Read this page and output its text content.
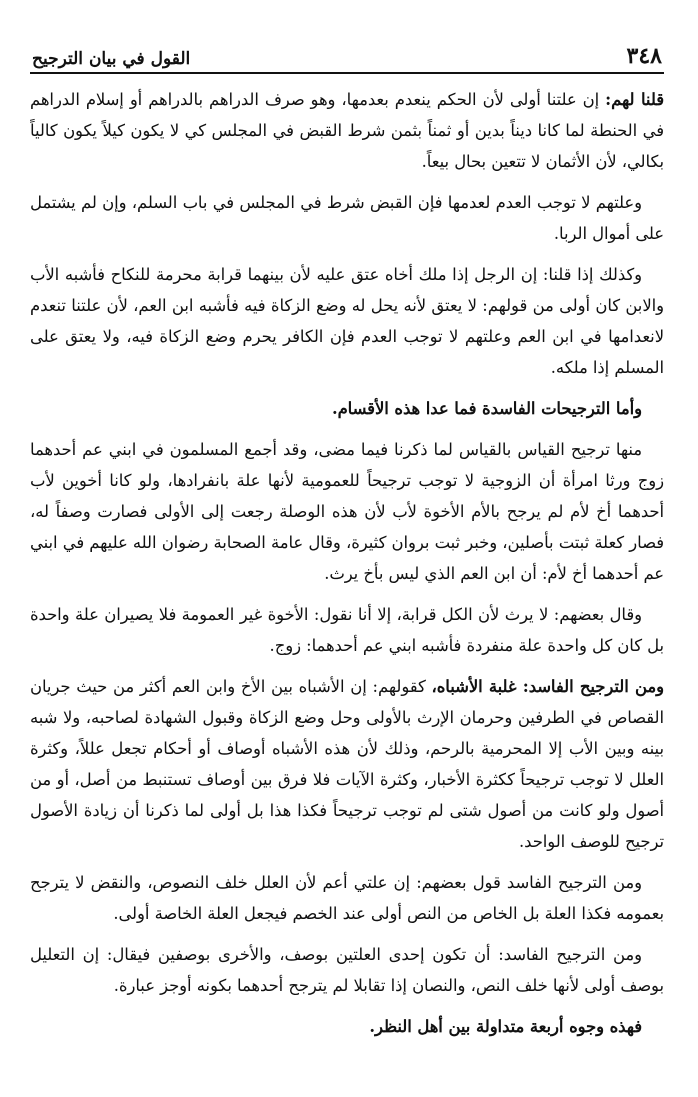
٣٤٨
القول في بيان الترجيح

قلنا لهم: إن علتنا أولى لأن الحكم ينعدم بعدمها، وهو صرف الدراهم بالدراهم أو إسلام الدراهم في الحنطة لما كانا ديناً بدين أو ثمناً بثمن شرط القبض في المجلس كي لا يكون كيلاً يكون كالياً بكالي، لأن الأثمان لا تتعين بحال بيعاً.

وعلتهم لا توجب العدم لعدمها فإن القبض شرط في المجلس في باب السلم، وإن لم يشتمل على أموال الربا.

وكذلك إذا قلنا: إن الرجل إذا ملك أخاه عتق عليه لأن بينهما قرابة محرمة للنكاح فأشبه الأب والابن كان أولى من قولهم: لا يعتق لأنه يحل له وضع الزكاة فيه فأشبه ابن العم، لأن علتنا تنعدم لانعدامها في ابن العم وعلتهم لا توجب العدم فإن الكافر يحرم وضع الزكاة فيه، ولا يعتق على المسلم إذا ملكه.

وأما الترجيحات الفاسدة فما عدا هذه الأقسام.

منها ترجيح القياس بالقياس لما ذكرنا فيما مضى، وقد أجمع المسلمون في ابني عم أحدهما زوج ورثا امرأة أن الزوجية لا توجب ترجيحاً للعمومية لأنها علة بانفرادها، ولو كانا أخوين لأب أحدهما أخ لأم لم يرجح بالأم الأخوة لأب لأن هذه الوصلة رجعت إلى الأولى فصارت وصفاً له، فصار كعلة ثبتت بأصلين، وخبر ثبت بروان كثيرة، وقال عامة الصحابة رضوان الله عليهم في ابني عم أحدهما أخ لأم: أن ابن العم الذي ليس بأخ يرث.

وقال بعضهم: لا يرث لأن الكل قرابة، إلا أنا نقول: الأخوة غير العمومة فلا يصيران علة واحدة بل كان كل واحدة علة منفردة فأشبه ابني عم أحدهما: زوج.

ومن الترجيح الفاسد: غلبة الأشباه، كقولهم: إن الأشباه بين الأخ وابن العم أكثر من حيث جريان القصاص في الطرفين وحرمان الإرث بالأولى وحل وضع الزكاة وقبول الشهادة لصاحبه، ولا شبه بينه وبين الأب إلا المحرمية بالرحم، وذلك لأن هذه الأشباه أوصاف أو أحكام تجعل عللاً، وكثرة العلل لا توجب ترجيحاً ككثرة الأخبار، وكثرة الآيات فلا فرق بين أوصاف تستنبط من أصل، أو من أصول ولو كانت من أصول شتى لم توجب ترجيحاً فكذا هذا بل أولى لما ذكرنا أن زيادة الأصول ترجيح للوصف الواحد.

ومن الترجيح الفاسد قول بعضهم: إن علتي أعم لأن العلل خلف النصوص، والنقض لا يترجح بعمومه فكذا العلة بل الخاص من النص أولى عند الخصم فيجعل العلة الخاصة أولى.

ومن الترجيح الفاسد: أن تكون إحدى العلتين بوصف، والأخرى بوصفين فيقال: إن التعليل بوصف أولى لأنها خلف النص، والنصان إذا تقابلا لم يترجح أحدهما بكونه أوجز عبارة.

فهذه وجوه أربعة متداولة بين أهل النظر.
